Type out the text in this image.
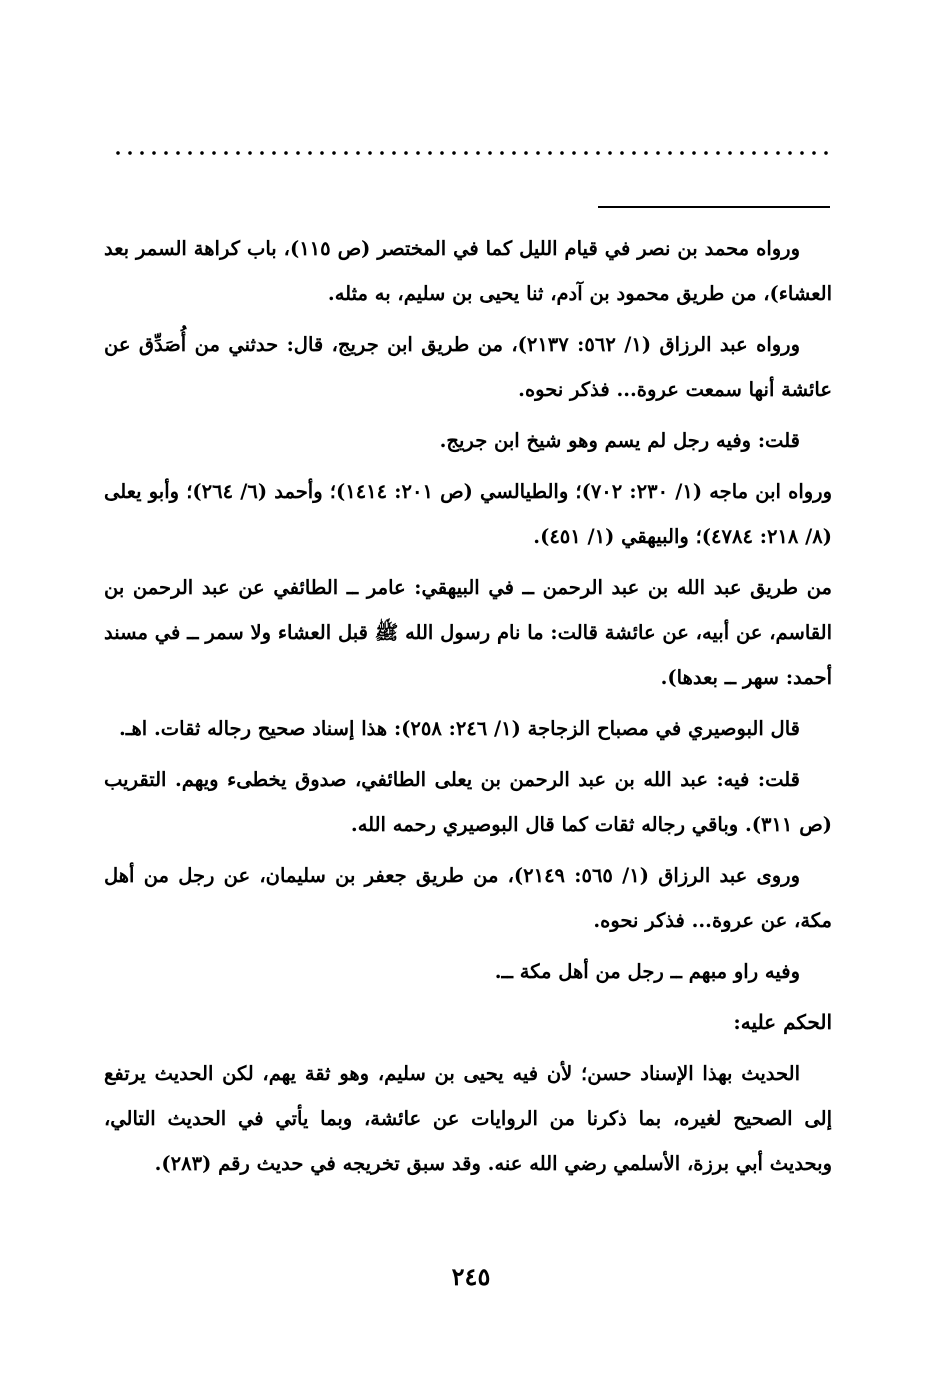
ورواه محمد بن نصر في قيام الليل كما في المختصر (ص ١١٥)، باب كراهة السمر بعد العشاء)، من طريق محمود بن آدم، ثنا يحيى بن سليم، به مثله.

ورواه عبد الرزاق (١/ ٥٦٢: ٢١٣٧)، من طريق ابن جريج، قال: حدثني من أُصَدِّق عن عائشة أنها سمعت عروة... فذكر نحوه.

قلت: وفيه رجل لم يسم وهو شيخ ابن جريج.

ورواه ابن ماجه (١/ ٢٣٠: ٧٠٢)؛ والطيالسي (ص ٢٠١: ١٤١٤)؛ وأحمد (٦/ ٢٦٤)؛ وأبو يعلى (٨/ ٢١٨: ٤٧٨٤)؛ والبيهقي (١/ ٤٥١).

من طريق عبد الله بن عبد الرحمن ــ في البيهقي: عامر ــ الطائفي عن عبد الرحمن بن القاسم، عن أبيه، عن عائشة قالت: ما نام رسول الله ﷺ قبل العشاء ولا سمر ــ في مسند أحمد: سهر ــ بعدها).

قال البوصيري في مصباح الزجاجة (١/ ٢٤٦: ٢٥٨): هذا إسناد صحيح رجاله ثقات. اهـ.

قلت: فيه: عبد الله بن عبد الرحمن بن يعلى الطائفي، صدوق يخطىء ويهم. التقريب (ص ٣١١). وباقي رجاله ثقات كما قال البوصيري رحمه الله.

وروى عبد الرزاق (١/ ٥٦٥: ٢١٤٩)، من طريق جعفر بن سليمان، عن رجل من أهل مكة، عن عروة... فذكر نحوه.

وفيه راو مبهم ــ رجل من أهل مكة ــ.

الحكم عليه:

الحديث بهذا الإسناد حسن؛ لأن فيه يحيى بن سليم، وهو ثقة يهم، لكن الحديث يرتفع إلى الصحيح لغيره، بما ذكرنا من الروايات عن عائشة، وبما يأتي في الحديث التالي، وبحديث أبي برزة، الأسلمي رضي الله عنه. وقد سبق تخريجه في حديث رقم (٢٨٣).

٢٤٥
